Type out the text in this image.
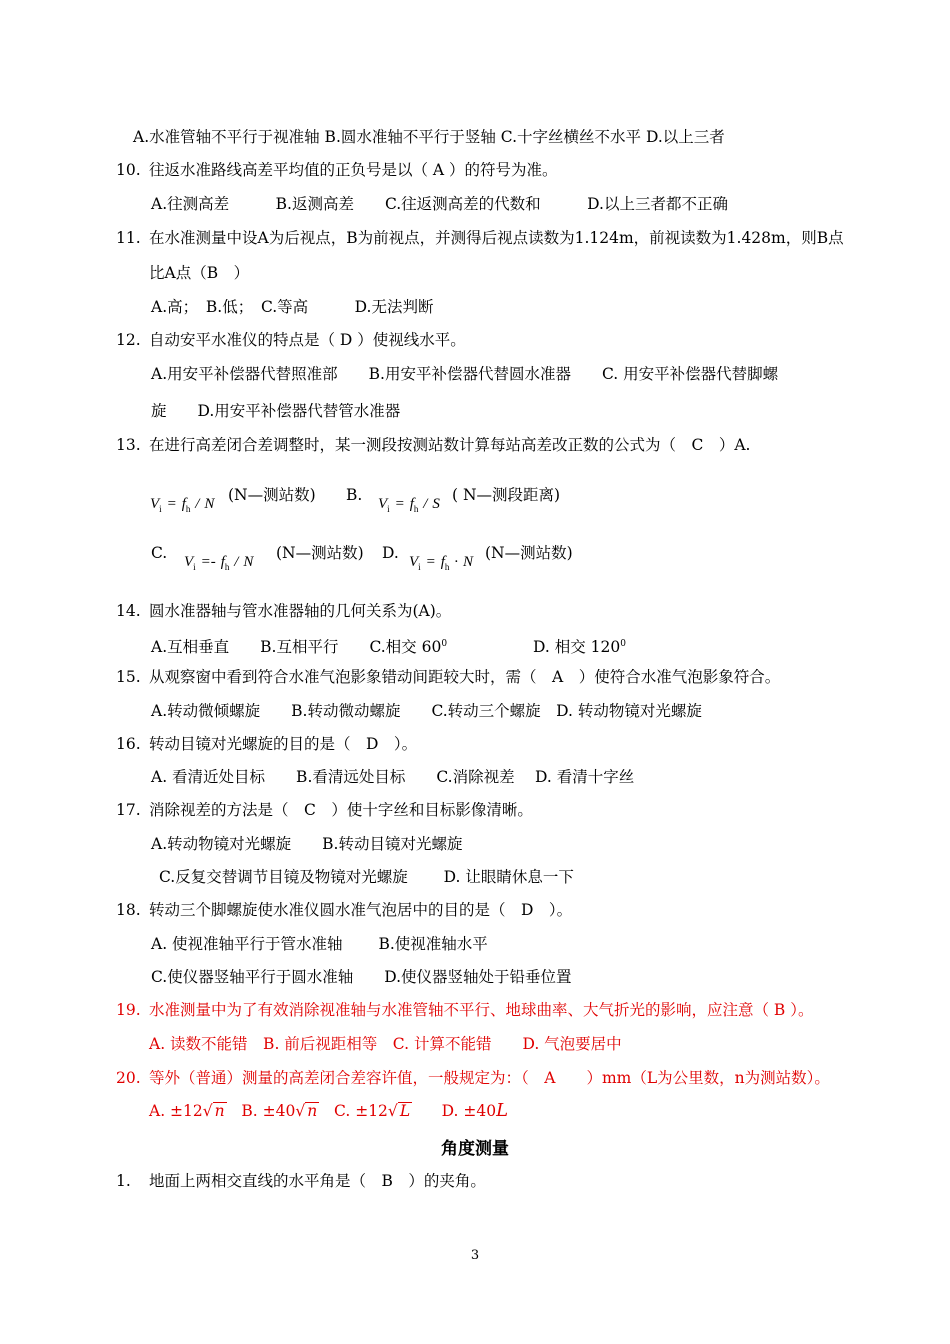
A.水准管轴不平行于视准轴 B.圆水准轴不平行于竖轴 C.十字丝横丝不水平 D.以上三者
10. 往返水准路线高差平均值的正负号是以（ A ）的符号为准。
A.往测高差　　　B.返测高差　　C.往返测高差的代数和　　　D.以上三者都不正确
11. 在水准测量中设A为后视点，B为前视点，并测得后视点读数为1.124m，前视读数为1.428m，则B点
比A点（B　）
A.高；　B.低；　C.等高　　　D.无法判断
12. 自动安平水准仪的特点是（ D ）使视线水平。
A.用安平补偿器代替照准部　　B.用安平补偿器代替圆水准器　　C. 用安平补偿器代替脚螺
旋　　D.用安平补偿器代替管水准器
13. 在进行高差闭合差调整时，某一测段按测站数计算每站高差改正数的公式为（　C　）A.
$V_i = f_h / N$ (N—测站数) B. $V_i = f_h / S$ ( N—测段距离)
C. $V_i =- f_h / N$ (N—测站数) D. $V_i = f_h \cdot N$ (N—测站数)
14. 圆水准器轴与管水准器轴的几何关系为(A)。
A.互相垂直　　B.互相平行　　C.相交 $60^0$	D. 相交 $120^0$
15. 从观察窗中看到符合水准气泡影象错动间距较大时，需（　A　）使符合水准气泡影象符合。
A.转动微倾螺旋　　B.转动微动螺旋　　C.转动三个螺旋　D. 转动物镜对光螺旋
16. 转动目镜对光螺旋的目的是（　D　）。
A. 看清近处目标　　B.看清远处目标　　C.消除视差　 D. 看清十字丝
17. 消除视差的方法是（　C　）使十字丝和目标影像清晰。
A.转动物镜对光螺旋　　B.转动目镜对光螺旋
C.反复交替调节目镜及物镜对光螺旋　　 D. 让眼睛休息一下
18. 转动三个脚螺旋使水准仪圆水准气泡居中的目的是（　D　）。
A. 使视准轴平行于管水准轴　　 B.使视准轴水平
C.使仪器竖轴平行于圆水准轴　　D.使仪器竖轴处于铅垂位置
19. 水准测量中为了有效消除视准轴与水准管轴不平行、地球曲率、大气折光的影响，应注意（ B ）。
A. 读数不能错　B. 前后视距相等　C. 计算不能错　　D. 气泡要居中
20. 等外（普通）测量的高差闭合差容许值，一般规定为：（　A　　）mm（L为公里数，n为测站数）。
A. ±12√ n B. ±40√ n C. ±12√ L D. ±40L
角度测量
1. 地面上两相交直线的水平角是（　B　）的夹角。
3
